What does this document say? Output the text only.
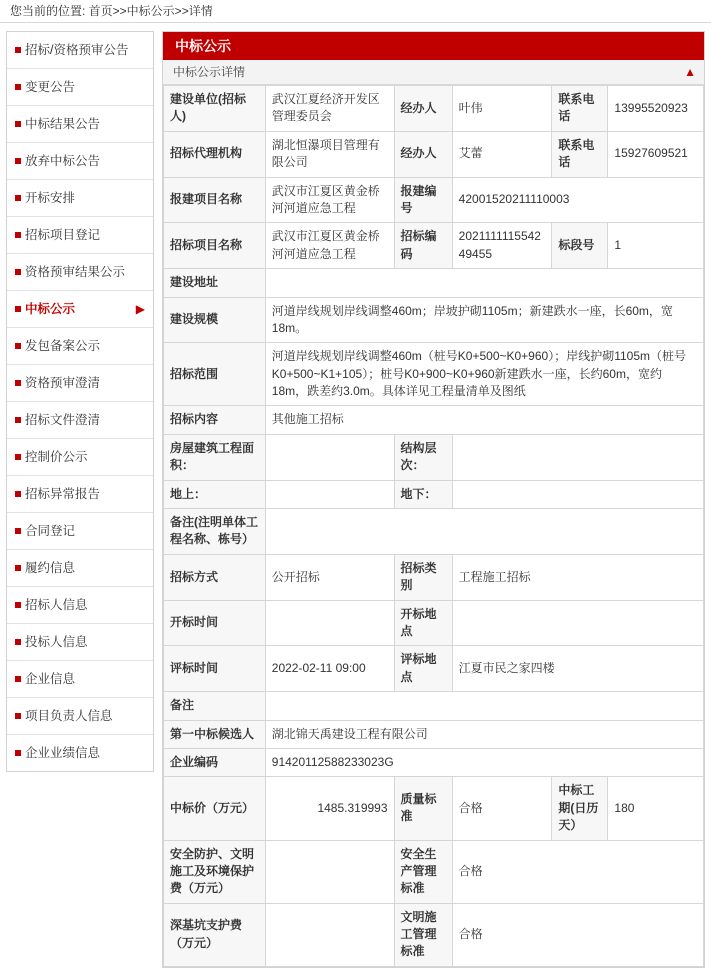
您当前的位置: 首页>>中标公示>>详情
招标/资格预审公告
变更公告
中标结果公告
放弃中标公告
开标安排
招标项目登记
资格预审结果公示
中标公示	▶
发包备案公示
资格预审澄清
招标文件澄清
控制价公示
招标异常报告
合同登记
履约信息
招标人信息
投标人信息
企业信息
项目负责人信息
企业业绩信息
中标公示
中标公示详情	▲
建设单位(招标人)	武汉江夏经济开发区管理委员会	经办人	叶伟	联系电话	13995520923
招标代理机构	湖北恒瀑项目管理有限公司	经办人	艾蕾	联系电话	15927609521
报建项目名称	武汉市江夏区黄金桥河河道应急工程	报建编号	42001520211110003		
招标项目名称	武汉市江夏区黄金桥河河道应急工程	招标编码	202111111554249455	标段号	1
建设地址					
建设规模	河道岸线规划岸线调整460m；岸坡护砌1105m；新建跌水一座，长60m，宽18m。				
招标范围	河道岸线规划岸线调整460m（桩号K0+500~K0+960）；岸线护砌1105m（桩号K0+500~K1+105）；桩号K0+900~K0+960新建跌水一座，长约60m，宽约18m，跌差约3.0m。具体详见工程量清单及图纸				
招标内容	其他施工招标				
房屋建筑工程面积：		结构层次：			
地上：		地下：			
备注(注明单体工程名称、栋号）					
招标方式	公开招标	招标类别	工程施工招标		
开标时间		开标地点			
评标时间	2022-02-11 09:00	评标地点	江夏市民之家四楼		
备注					
第一中标候选人	湖北锦天禹建设工程有限公司				
企业编码	91420112588233023G				
中标价（万元）	1485.319993	质量标准	合格	中标工期(日历天）	180
安全防护、文明施工及环境保护费（万元）		安全生产管理标准	合格		
深基坑支护费（万元）		文明施工管理标准	合格		
